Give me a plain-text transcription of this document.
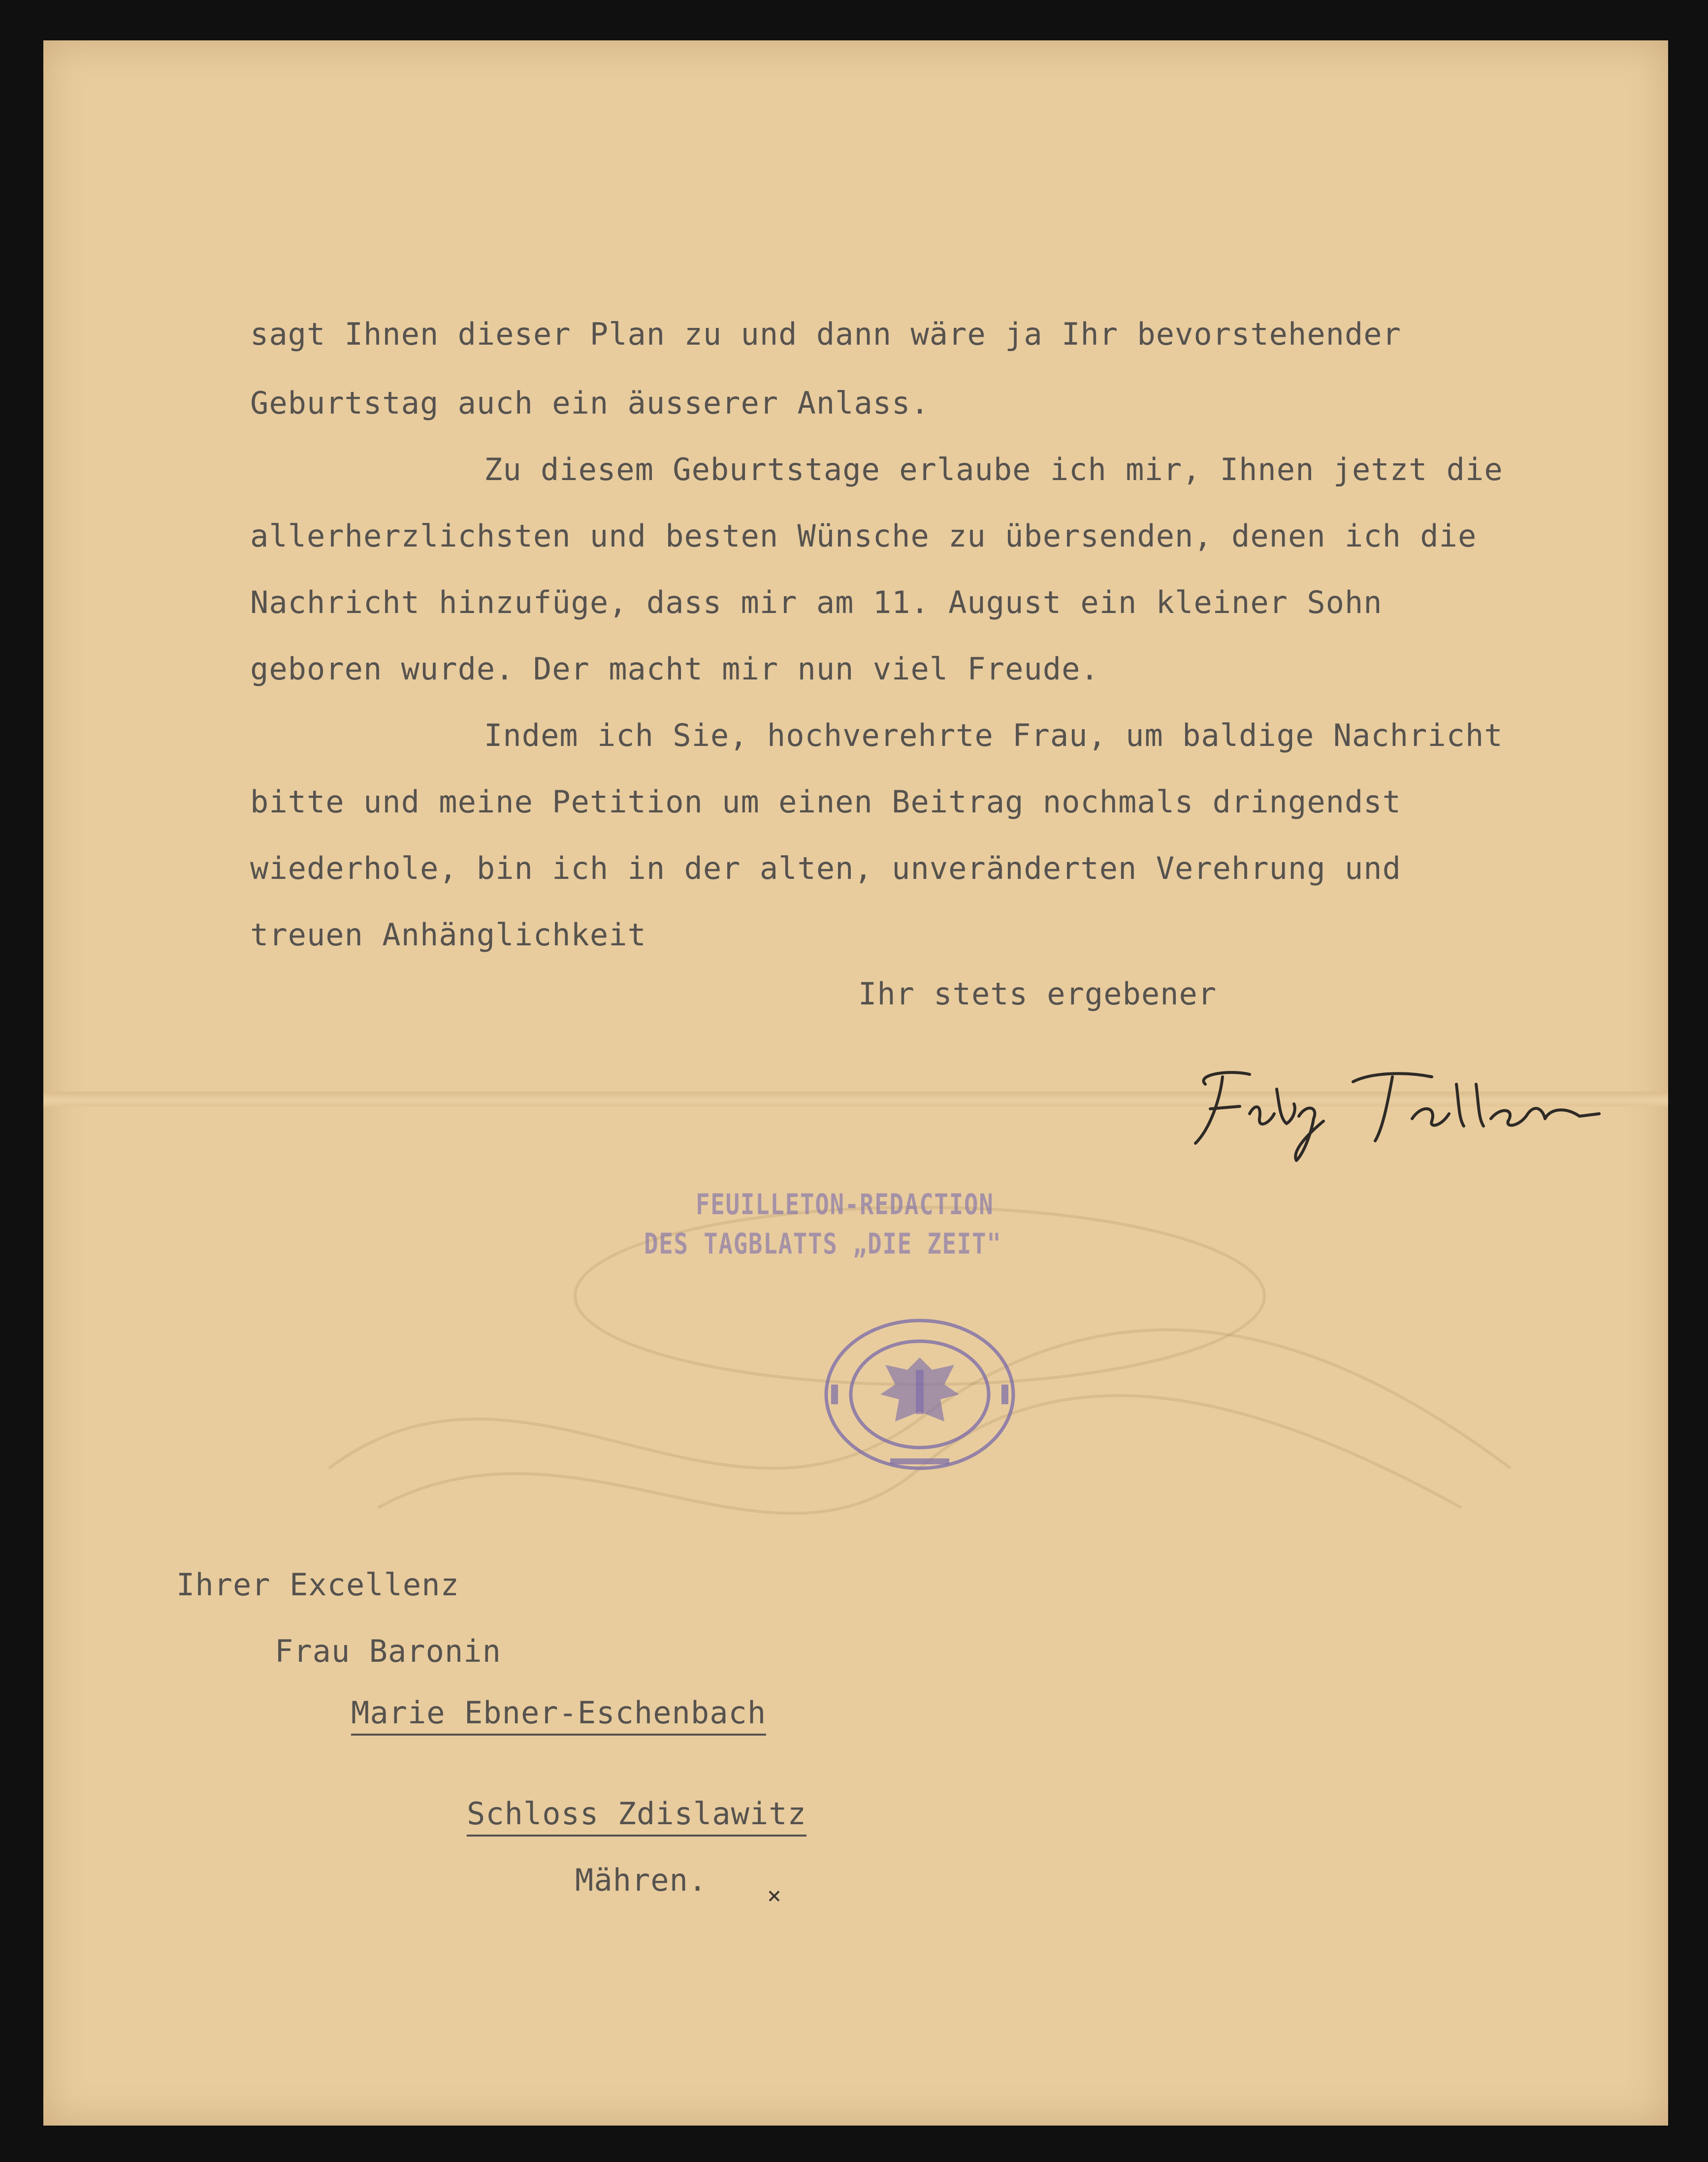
sagt Ihnen dieser Plan zu und dann wäre ja Ihr bevorstehender
Geburtstag auch ein äusserer Anlass.
Zu diesem Geburtstage erlaube ich mir, Ihnen jetzt die
allerherzlichsten und besten Wünsche zu übersenden, denen ich die
Nachricht hinzufüge, dass mir am 11. August ein kleiner Sohn
geboren wurde. Der macht mir nun viel Freude.
Indem ich Sie, hochverehrte Frau, um baldige Nachricht
bitte und meine Petition um einen Beitrag nochmals dringendst
wiederhole, bin ich in der alten, unveränderten Verehrung und
treuen Anhänglichkeit
Ihr stets ergebener
FEUILLETON-REDACTION
DES TAGBLATTS „DIE ZEIT"
Ihrer Excellenz
Frau Baronin
Marie Ebner-Eschenbach
Schloss Zdislawitz
Mähren.	×
